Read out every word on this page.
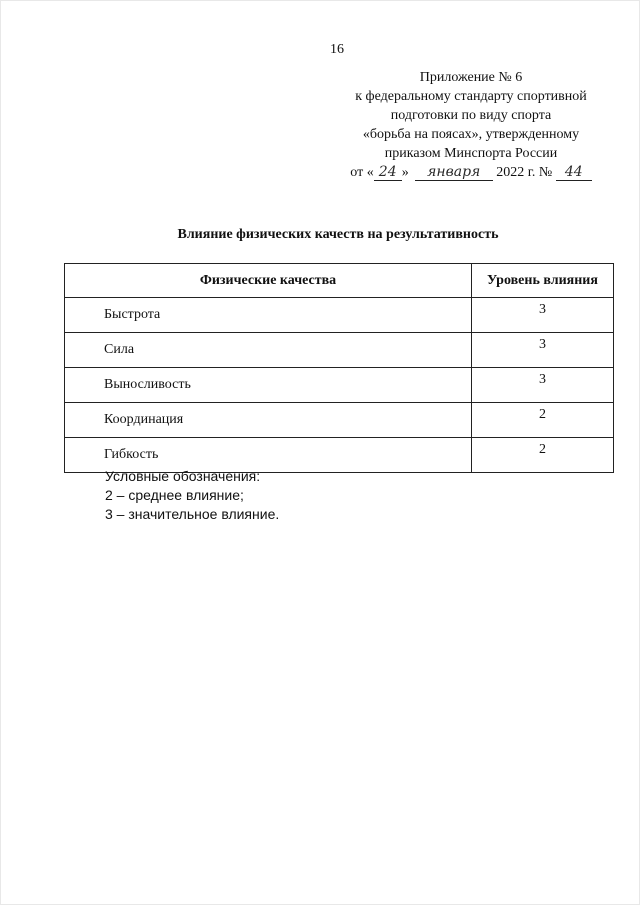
16
Приложение № 6
к федеральному стандарту спортивной
подготовки по виду спорта
«борьба на поясах», утвержденному
приказом Минспорта России
от « 24 » января 2022 г. № 44
Влияние физических качеств на результативность
Физические качества	Уровень влияния
Быстрота	3
Сила	3
Выносливость	3
Координация	2
Гибкость	2
Условные обозначения:
2 – среднее влияние;
3 – значительное влияние.
